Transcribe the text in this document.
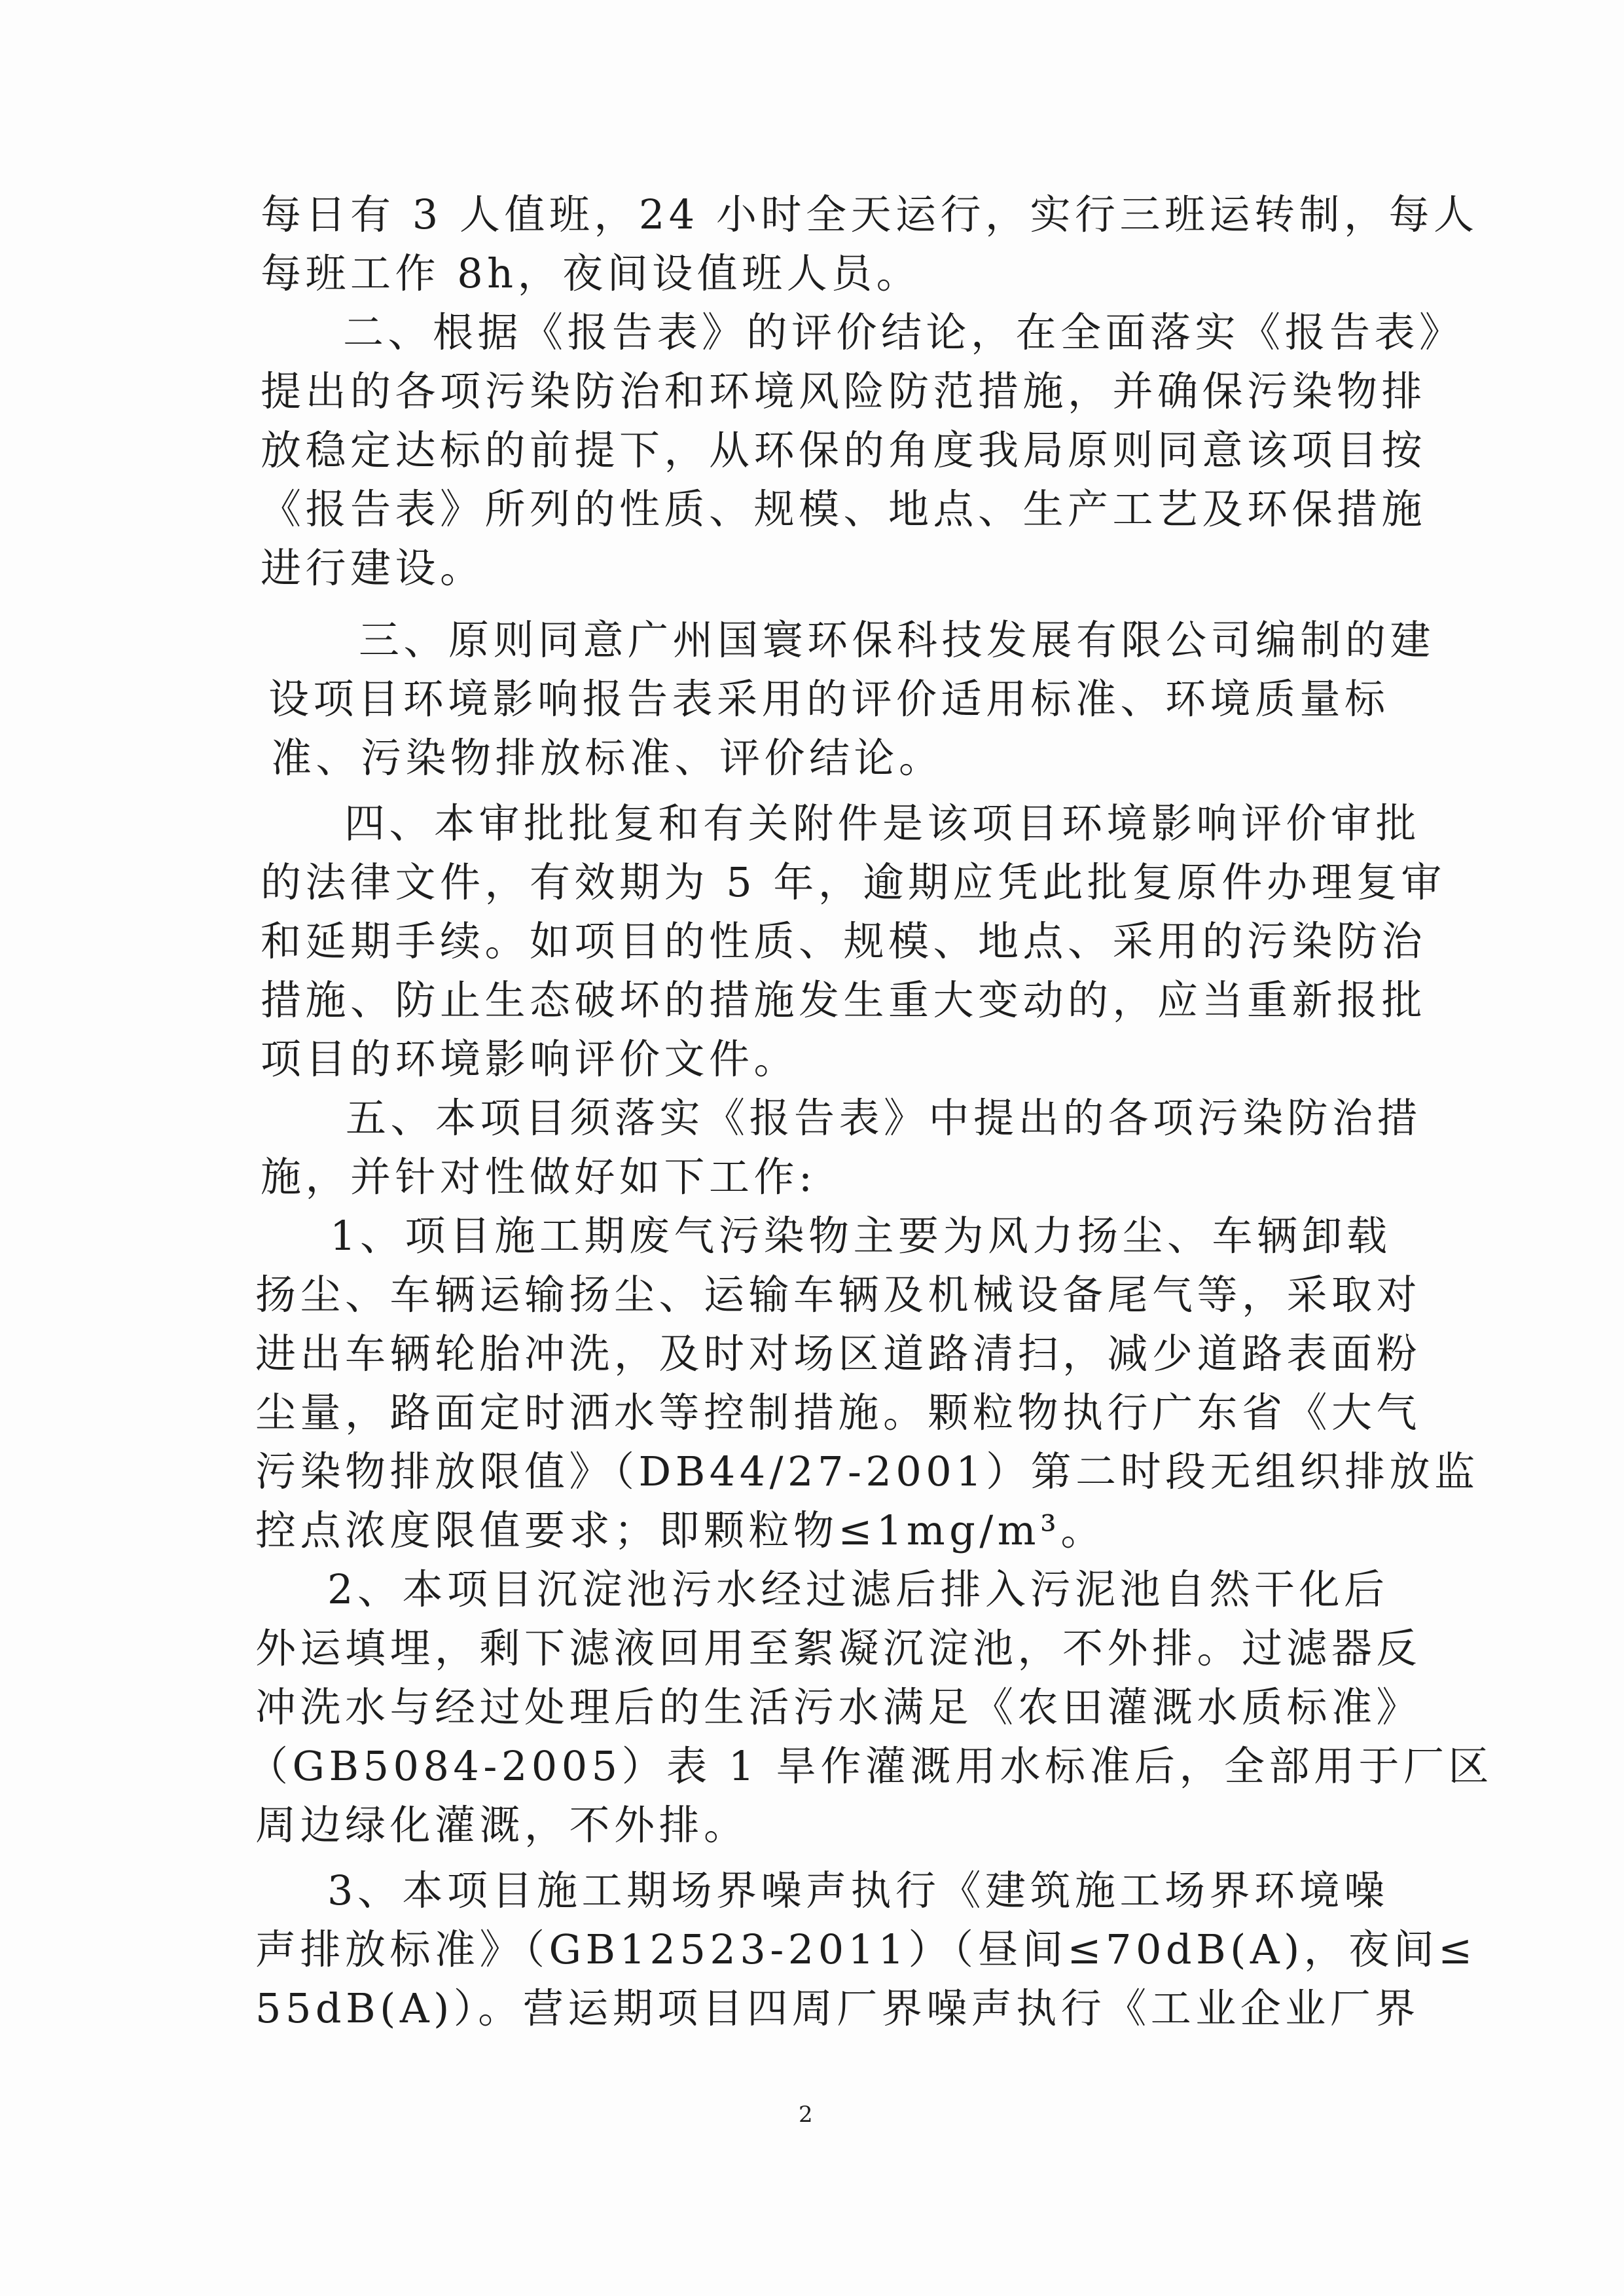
每日有 3 人值班，24 小时全天运行，实行三班运转制，每人
每班工作 8h，夜间设值班人员。
二、根据《报告表》的评价结论，在全面落实《报告表》
提出的各项污染防治和环境风险防范措施，并确保污染物排
放稳定达标的前提下，从环保的角度我局原则同意该项目按
《报告表》所列的性质、规模、地点、生产工艺及环保措施
进行建设。
三、原则同意广州国寰环保科技发展有限公司编制的建
设项目环境影响报告表采用的评价适用标准、环境质量标
准、污染物排放标准、评价结论。
四、本审批批复和有关附件是该项目环境影响评价审批
的法律文件，有效期为 5 年，逾期应凭此批复原件办理复审
和延期手续。如项目的性质、规模、地点、采用的污染防治
措施、防止生态破坏的措施发生重大变动的，应当重新报批
项目的环境影响评价文件。
五、本项目须落实《报告表》中提出的各项污染防治措
施，并针对性做好如下工作:
1、项目施工期废气污染物主要为风力扬尘、车辆卸载
扬尘、车辆运输扬尘、运输车辆及机械设备尾气等，采取对
进出车辆轮胎冲洗，及时对场区道路清扫，减少道路表面粉
尘量，路面定时洒水等控制措施。颗粒物执行广东省《大气
污染物排放限值》（DB44/27-2001）第二时段无组织排放监
控点浓度限值要求；即颗粒物≤1mg/m³。
2、本项目沉淀池污水经过滤后排入污泥池自然干化后
外运填埋，剩下滤液回用至絮凝沉淀池，不外排。过滤器反
冲洗水与经过处理后的生活污水满足《农田灌溉水质标准》
（GB5084-2005）表 1 旱作灌溉用水标准后，全部用于厂区
周边绿化灌溉，不外排。
3、本项目施工期场界噪声执行《建筑施工场界环境噪
声排放标准》（GB12523-2011）（昼间≤70dB(A)，夜间≤
55dB(A)）。营运期项目四周厂界噪声执行《工业企业厂界
2
